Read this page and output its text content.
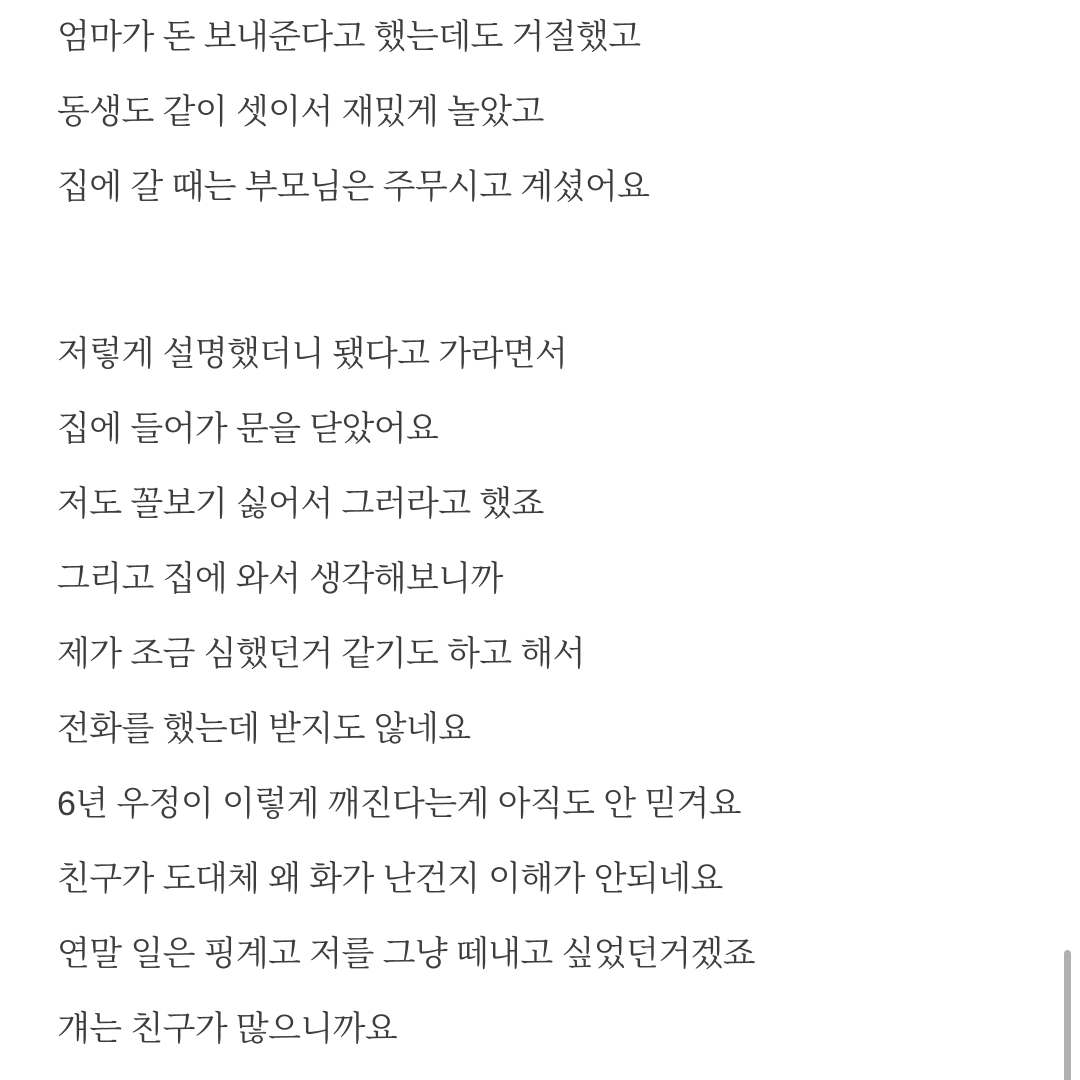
엄마가 돈 보내준다고 했는데도 거절했고
동생도 같이 셋이서 재밌게 놀았고
집에 갈 때는 부모님은 주무시고 계셨어요
저렇게 설명했더니 됐다고 가라면서
집에 들어가 문을 닫았어요
저도 꼴보기 싫어서 그러라고 했죠
그리고 집에 와서 생각해보니까
제가 조금 심했던거 같기도 하고 해서
전화를 했는데 받지도 않네요
6년 우정이 이렇게 깨진다는게 아직도 안 믿겨요
친구가 도대체 왜 화가 난건지 이해가 안되네요
연말 일은 핑계고 저를 그냥 떼내고 싶었던거겠죠
걔는 친구가 많으니까요
